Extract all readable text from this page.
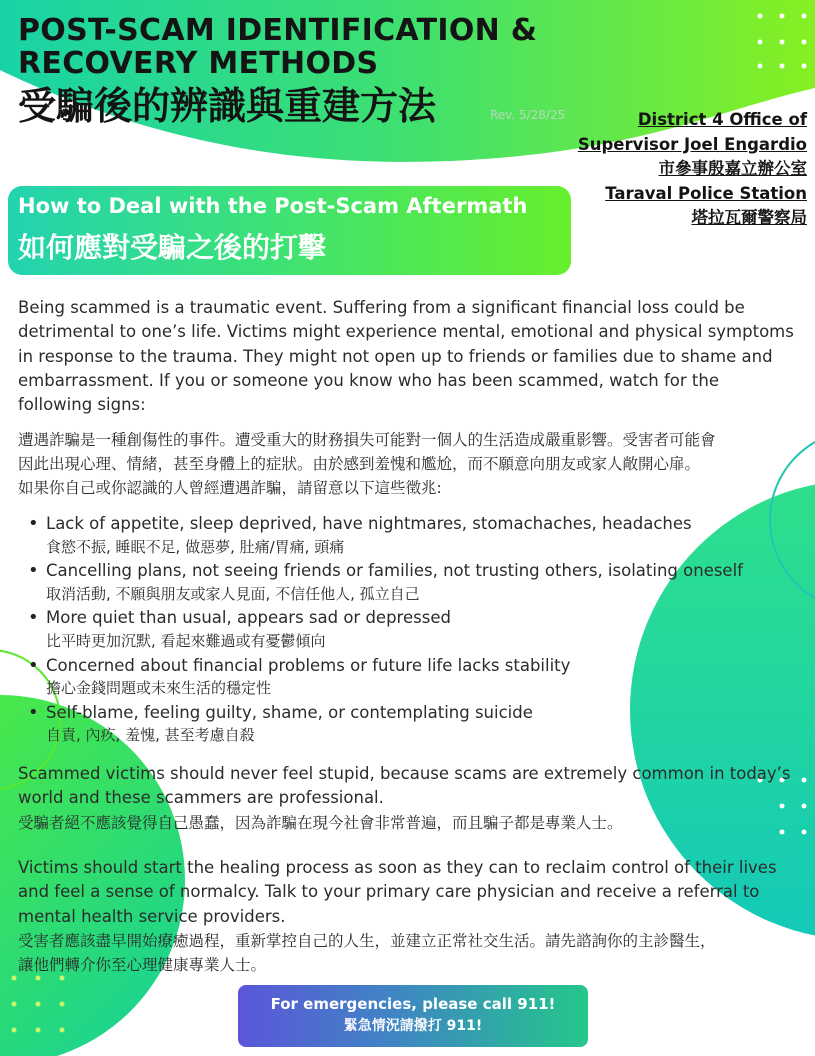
POST-SCAM IDENTIFICATION &
RECOVERY METHODS
受騙後的辨識與重建方法	Rev. 5/28/25	District 4 Office of
Supervisor Joel Engardio
市參事殷嘉立辦公室
Taraval Police Station
塔拉瓦爾警察局
How to Deal with the Post-Scam Aftermath
如何應對受騙之後的打擊
Being scammed is a traumatic event. Suffering from a significant financial loss could be detrimental to one’s life. Victims might experience mental, emotional and physical symptoms in response to the trauma. They might not open up to friends or families due to shame and embarrassment. If you or someone you know who has been scammed, watch for the following signs:
遭遇詐騙是一種創傷性的事件。遭受重大的財務損失可能對一個人的生活造成嚴重影響。受害者可能會
因此出現心理、情緒，甚至身體上的症狀。由於感到羞愧和尷尬，而不願意向朋友或家人敞開心扉。
如果你自己或你認識的人曾經遭遇詐騙，請留意以下這些徵兆:
• Lack of appetite, sleep deprived, have nightmares, stomachaches, headaches
食慾不振, 睡眠不足, 做惡夢, 肚痛/胃痛, 頭痛
• Cancelling plans, not seeing friends or families, not trusting others, isolating oneself
取消活動, 不願與朋友或家人見面, 不信任他人, 孤立自己
• More quiet than usual, appears sad or depressed
比平時更加沉默, 看起來難過或有憂鬱傾向
• Concerned about financial problems or future life lacks stability
擔心金錢問題或未來生活的穩定性
• Self-blame, feeling guilty, shame, or contemplating suicide
自責, 內疚, 羞愧, 甚至考慮自殺
Scammed victims should never feel stupid, because scams are extremely common in today’s world and these scammers are professional.
受騙者絕不應該覺得自己愚蠢，因為詐騙在現今社會非常普遍，而且騙子都是專業人士。
Victims should start the healing process as soon as they can to reclaim control of their lives and feel a sense of normalcy. Talk to your primary care physician and receive a referral to mental health service providers.
受害者應該盡早開始療癒過程，重新掌控自己的人生，並建立正常社交生活。請先諮詢你的主診醫生，
讓他們轉介你至心理健康專業人士。
For emergencies, please call 911!
緊急情況請撥打 911!
